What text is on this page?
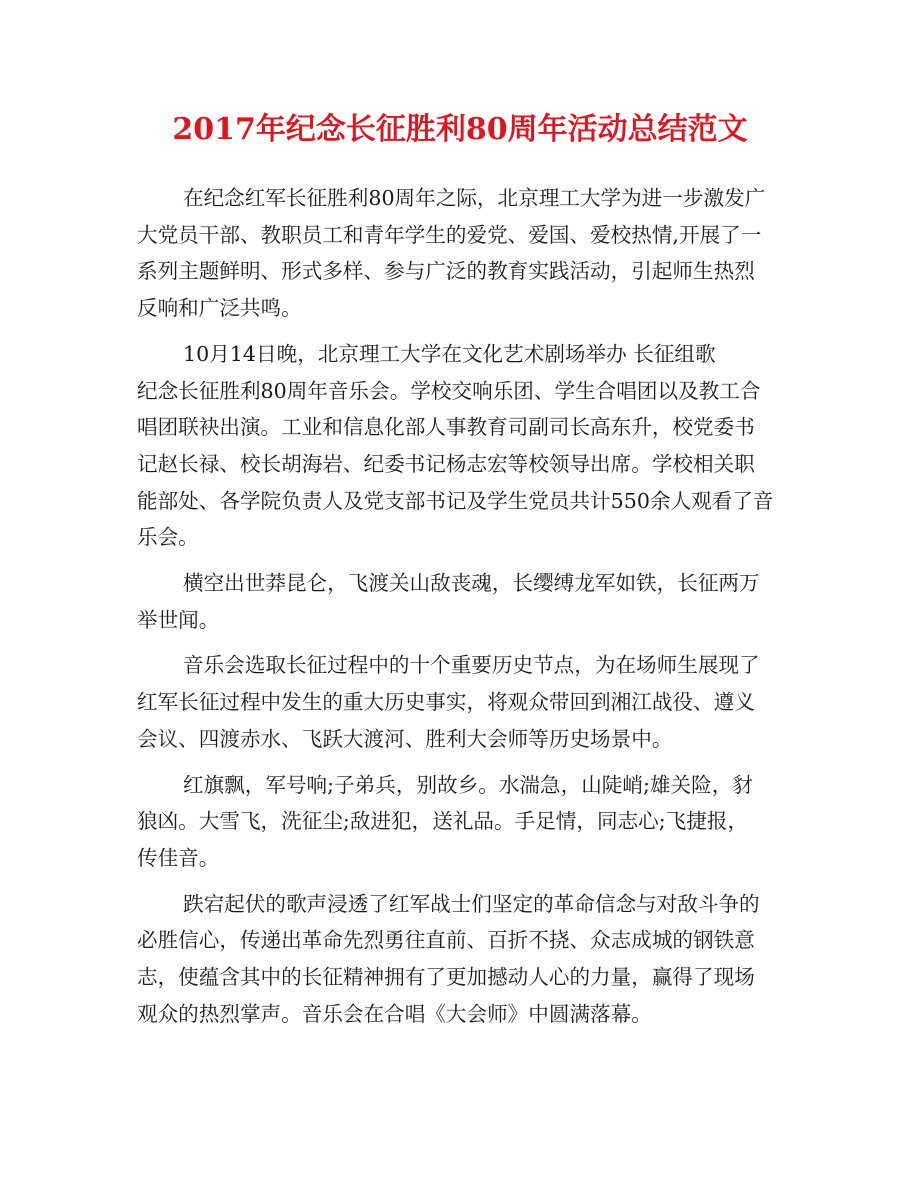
2017年纪念长征胜利80周年活动总结范文
在纪念红军长征胜利80周年之际，北京理工大学为进一步激发广
大党员干部、教职员工和青年学生的爱党、爱国、爱校热情,开展了一
系列主题鲜明、形式多样、参与广泛的教育实践活动，引起师生热烈
反响和广泛共鸣。
10月14日晚，北京理工大学在文化艺术剧场举办 长征组歌
纪念长征胜利80周年音乐会。学校交响乐团、学生合唱团以及教工合
唱团联袂出演。工业和信息化部人事教育司副司长高东升，校党委书
记赵长禄、校长胡海岩、纪委书记杨志宏等校领导出席。学校相关职
能部处、各学院负责人及党支部书记及学生党员共计550余人观看了音
乐会。
横空出世莽昆仑，飞渡关山敌丧魂，长缨缚龙军如铁，长征两万
举世闻。
音乐会选取长征过程中的十个重要历史节点，为在场师生展现了
红军长征过程中发生的重大历史事实，将观众带回到湘江战役、遵义
会议、四渡赤水、飞跃大渡河、胜利大会师等历史场景中。
红旗飘，军号响;子弟兵，别故乡。水湍急，山陡峭;雄关险，豺
狼凶。大雪飞，洗征尘;敌进犯，送礼品。手足情，同志心;飞捷报，
传佳音。
跌宕起伏的歌声浸透了红军战士们坚定的革命信念与对敌斗争的
必胜信心，传递出革命先烈勇往直前、百折不挠、众志成城的钢铁意
志，使蕴含其中的长征精神拥有了更加撼动人心的力量，赢得了现场
观众的热烈掌声。音乐会在合唱《大会师》中圆满落幕。
